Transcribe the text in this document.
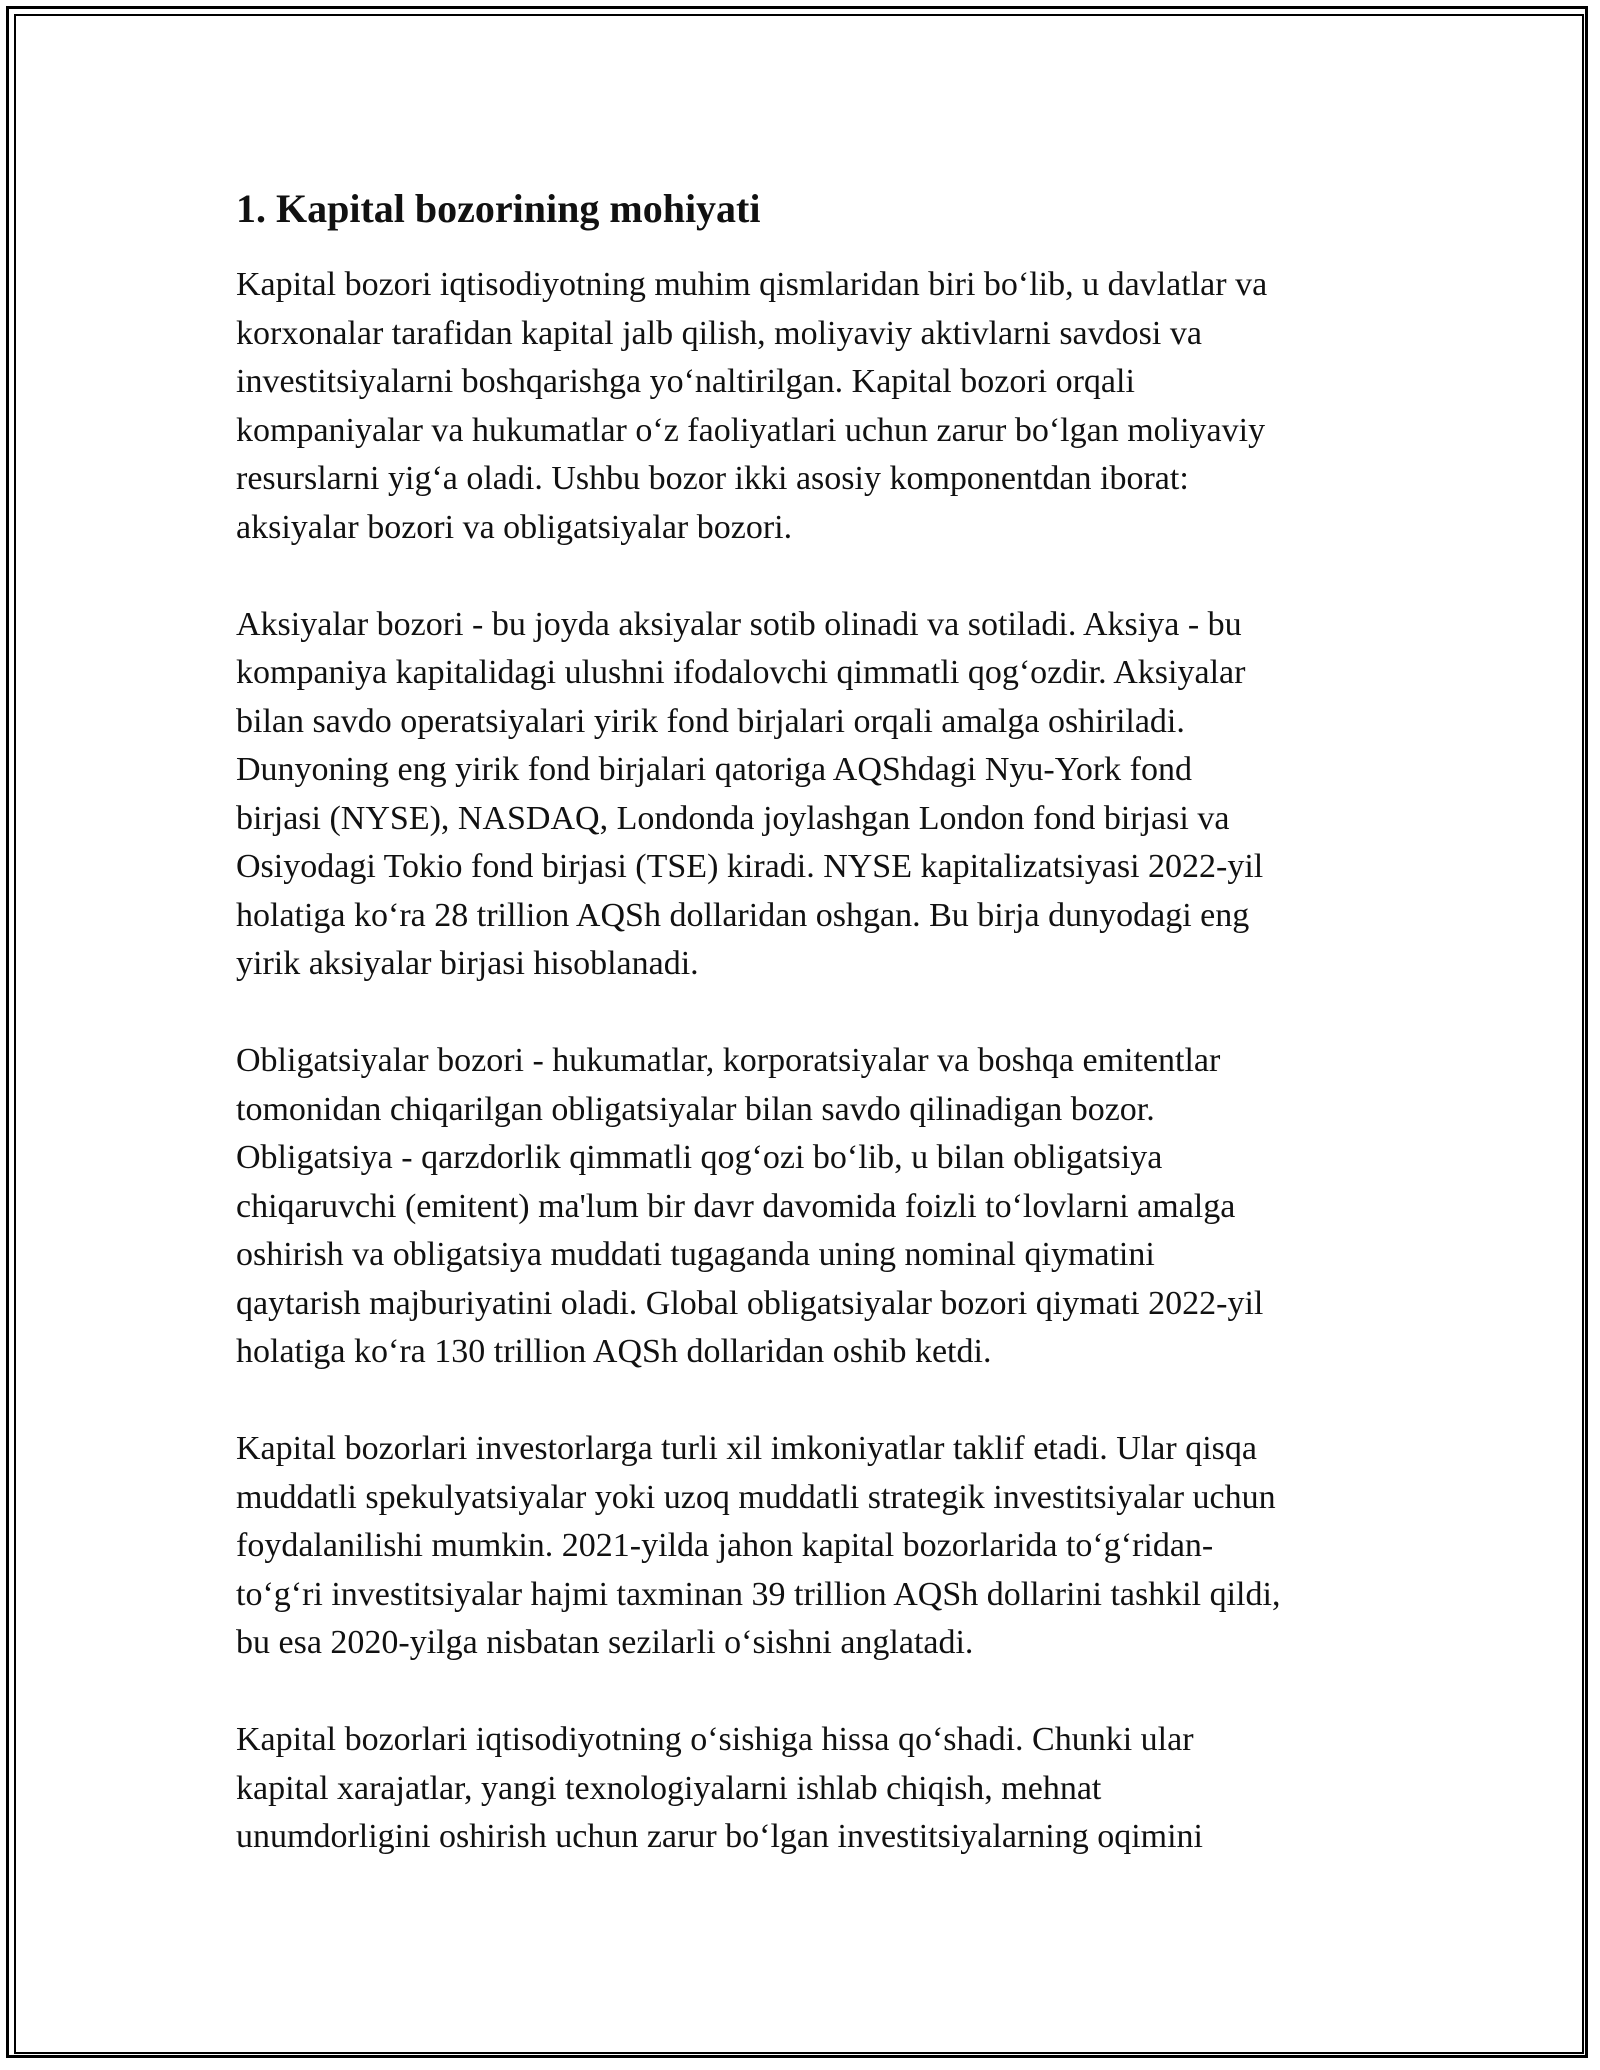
1. Kapital bozorining mohiyati

Kapital bozori iqtisodiyotning muhim qismlaridan biri bo‘lib, u davlatlar va
korxonalar tarafidan kapital jalb qilish, moliyaviy aktivlarni savdosi va
investitsiyalarni boshqarishga yo‘naltirilgan. Kapital bozori orqali
kompaniyalar va hukumatlar o‘z faoliyatlari uchun zarur bo‘lgan moliyaviy
resurslarni yig‘a oladi. Ushbu bozor ikki asosiy komponentdan iborat:
aksiyalar bozori va obligatsiyalar bozori.

Aksiyalar bozori - bu joyda aksiyalar sotib olinadi va sotiladi. Aksiya - bu
kompaniya kapitalidagi ulushni ifodalovchi qimmatli qog‘ozdir. Aksiyalar
bilan savdo operatsiyalari yirik fond birjalari orqali amalga oshiriladi.
Dunyoning eng yirik fond birjalari qatoriga AQShdagi Nyu-York fond
birjasi (NYSE), NASDAQ, Londonda joylashgan London fond birjasi va
Osiyodagi Tokio fond birjasi (TSE) kiradi. NYSE kapitalizatsiyasi 2022-yil
holatiga ko‘ra 28 trillion AQSh dollaridan oshgan. Bu birja dunyodagi eng
yirik aksiyalar birjasi hisoblanadi.

Obligatsiyalar bozori - hukumatlar, korporatsiyalar va boshqa emitentlar
tomonidan chiqarilgan obligatsiyalar bilan savdo qilinadigan bozor.
Obligatsiya - qarzdorlik qimmatli qog‘ozi bo‘lib, u bilan obligatsiya
chiqaruvchi (emitent) ma'lum bir davr davomida foizli to‘lovlarni amalga
oshirish va obligatsiya muddati tugaganda uning nominal qiymatini
qaytarish majburiyatini oladi. Global obligatsiyalar bozori qiymati 2022-yil
holatiga ko‘ra 130 trillion AQSh dollaridan oshib ketdi.

Kapital bozorlari investorlarga turli xil imkoniyatlar taklif etadi. Ular qisqa
muddatli spekulyatsiyalar yoki uzoq muddatli strategik investitsiyalar uchun
foydalanilishi mumkin. 2021-yilda jahon kapital bozorlarida to‘g‘ridan-
to‘g‘ri investitsiyalar hajmi taxminan 39 trillion AQSh dollarini tashkil qildi,
bu esa 2020-yilga nisbatan sezilarli o‘sishni anglatadi.

Kapital bozorlari iqtisodiyotning o‘sishiga hissa qo‘shadi. Chunki ular
kapital xarajatlar, yangi texnologiyalarni ishlab chiqish, mehnat
unumdorligini oshirish uchun zarur bo‘lgan investitsiyalarning oqimini
